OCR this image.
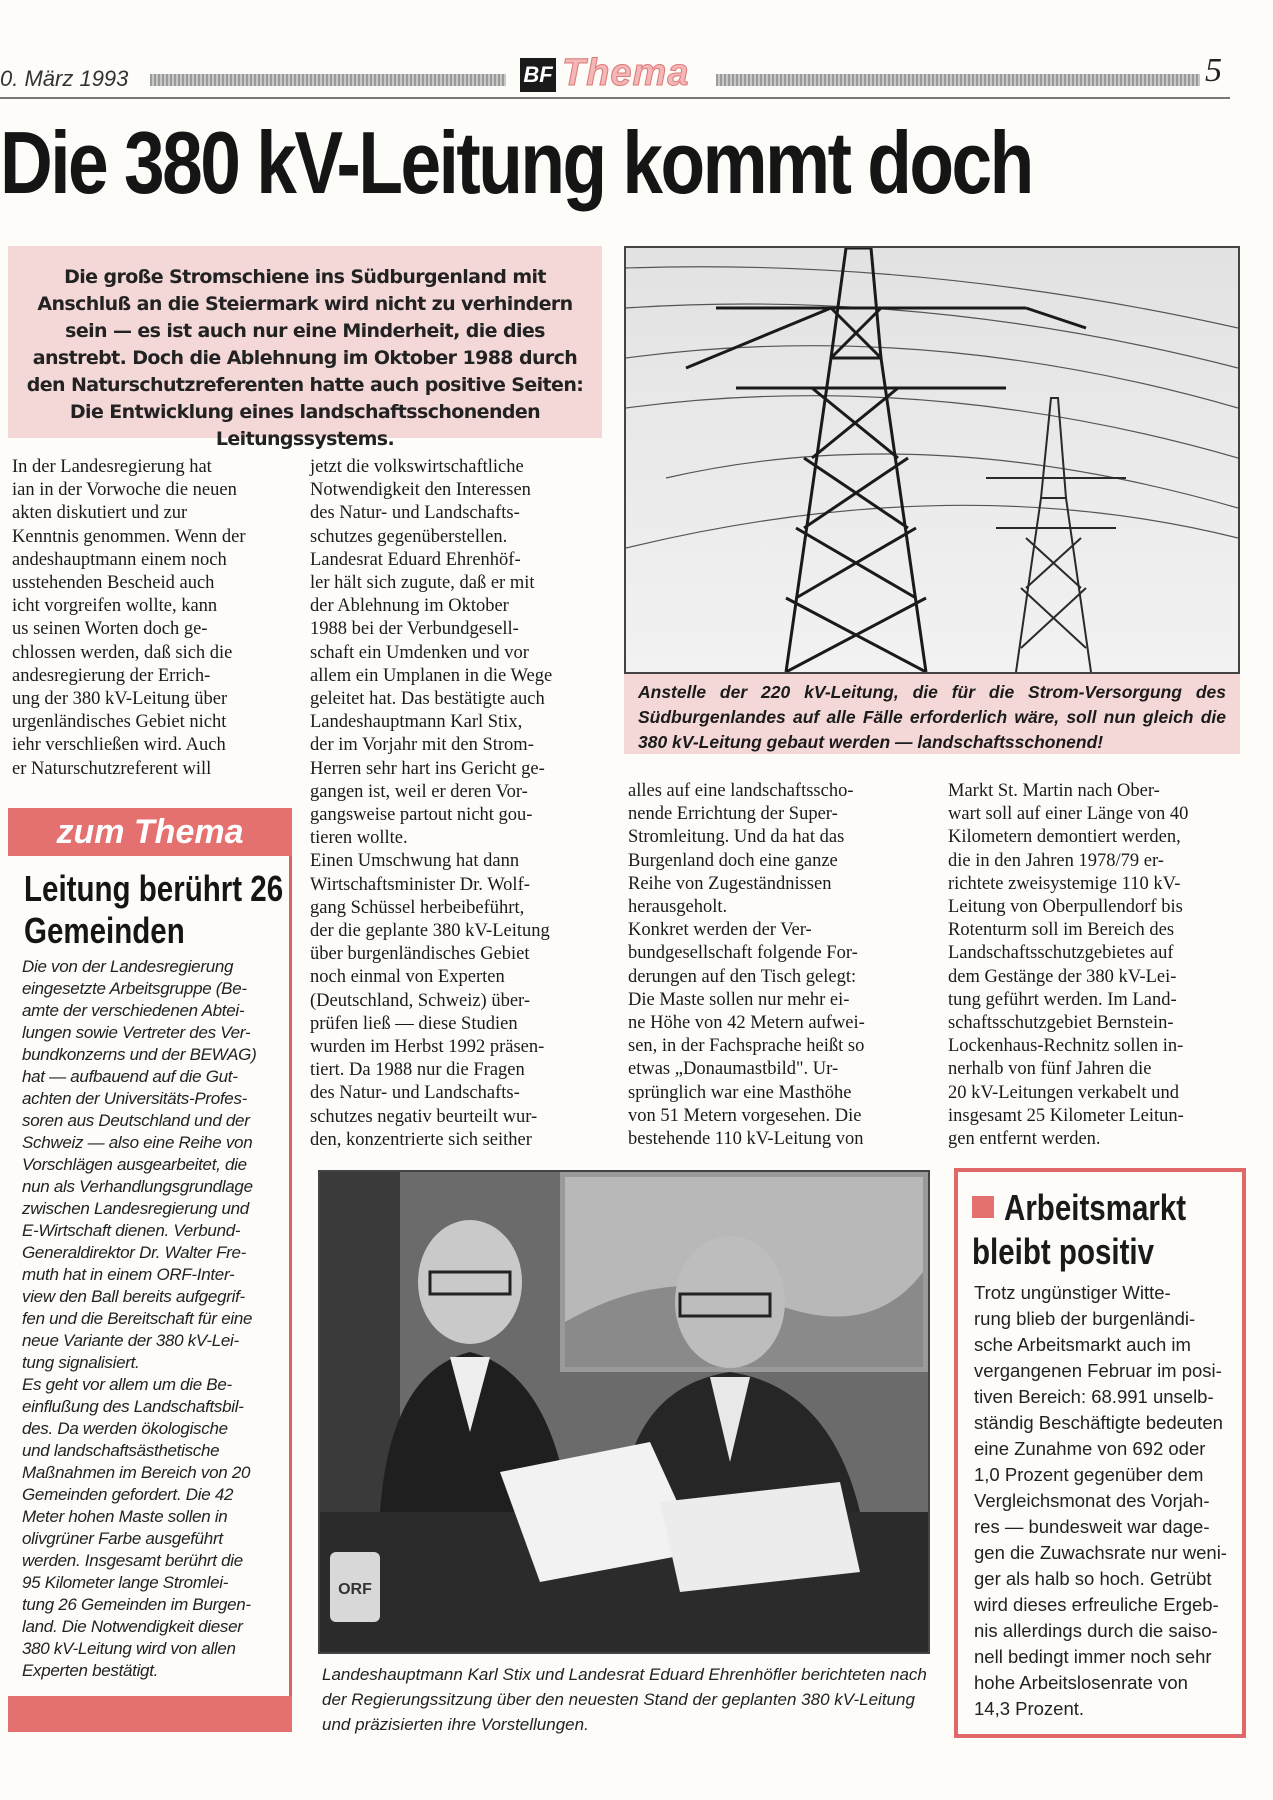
0. März 1993	BF Thema	5
Die 380 kV-Leitung kommt doch
Die große Stromschiene ins Südburgenland mit Anschluß an die Steiermark wird nicht zu verhindern sein — es ist auch nur eine Minderheit, die dies anstrebt. Doch die Ablehnung im Oktober 1988 durch den Naturschutzreferenten hatte auch positive Seiten: Die Entwicklung eines landschaftsschonenden Leitungssystems.
Anstelle der 220 kV-Leitung, die für die Strom-Versorgung des Südburgenlandes auf alle Fälle erforderlich wäre, soll nun gleich die 380 kV-Leitung gebaut werden — landschaftsschonend!
In der Landesregierung hat
ian in der Vorwoche die neuen
akten diskutiert und zur
Kenntnis genommen. Wenn der
andeshauptmann einem noch
usstehenden Bescheid auch
icht vorgreifen wollte, kann
us seinen Worten doch ge-
chlossen werden, daß sich die
andesregierung der Errich-
ung der 380 kV-Leitung über
urgenländisches Gebiet nicht
iehr verschließen wird. Auch
er Naturschutzreferent will
jetzt die volkswirtschaftliche
Notwendigkeit den Interessen
des Natur- und Landschafts-
schutzes gegenüberstellen.
Landesrat Eduard Ehrenhöf-
ler hält sich zugute, daß er mit
der Ablehnung im Oktober
1988 bei der Verbundgesell-
schaft ein Umdenken und vor
allem ein Umplanen in die Wege
geleitet hat. Das bestätigte auch
Landeshauptmann Karl Stix,
der im Vorjahr mit den Strom-
Herren sehr hart ins Gericht ge-
gangen ist, weil er deren Vor-
gangsweise partout nicht gou-
tieren wollte.
Einen Umschwung hat dann
Wirtschaftsminister Dr. Wolf-
gang Schüssel herbeibeführt,
der die geplante 380 kV-Leitung
über burgenländisches Gebiet
noch einmal von Experten
(Deutschland, Schweiz) über-
prüfen ließ — diese Studien
wurden im Herbst 1992 präsen-
tiert. Da 1988 nur die Fragen
des Natur- und Landschafts-
schutzes negativ beurteilt wur-
den, konzentrierte sich seither
alles auf eine landschaftsscho-
nende Errichtung der Super-
Stromleitung. Und da hat das
Burgenland doch eine ganze
Reihe von Zugeständnissen
herausgeholt.
Konkret werden der Ver-
bundgesellschaft folgende For-
derungen auf den Tisch gelegt:
Die Maste sollen nur mehr ei-
ne Höhe von 42 Metern aufwei-
sen, in der Fachsprache heißt so
etwas „Donaumastbild". Ur-
sprünglich war eine Masthöhe
von 51 Metern vorgesehen. Die
bestehende 110 kV-Leitung von
Markt St. Martin nach Ober-
wart soll auf einer Länge von 40
Kilometern demontiert werden,
die in den Jahren 1978/79 er-
richtete zweisystemige 110 kV-
Leitung von Oberpullendorf bis
Rotenturm soll im Bereich des
Landschaftsschutzgebietes auf
dem Gestänge der 380 kV-Lei-
tung geführt werden. Im Land-
schaftsschutzgebiet Bernstein-
Lockenhaus-Rechnitz sollen in-
nerhalb von fünf Jahren die
20 kV-Leitungen verkabelt und
insgesamt 25 Kilometer Leitun-
gen entfernt werden.
zum Thema
Leitung berührt 26 Gemeinden
Die von der Landesregierung
eingesetzte Arbeitsgruppe (Be-
amte der verschiedenen Abtei-
lungen sowie Vertreter des Ver-
bundkonzerns und der BEWAG)
hat — aufbauend auf die Gut-
achten der Universitäts-Profes-
soren aus Deutschland und der
Schweiz — also eine Reihe von
Vorschlägen ausgearbeitet, die
nun als Verhandlungsgrundlage
zwischen Landesregierung und
E-Wirtschaft dienen. Verbund-
Generaldirektor Dr. Walter Fre-
muth hat in einem ORF-Inter-
view den Ball bereits aufgegrif-
fen und die Bereitschaft für eine
neue Variante der 380 kV-Lei-
tung signalisiert.
Es geht vor allem um die Be-
einflußung des Landschaftsbil-
des. Da werden ökologische
und landschaftsästhetische
Maßnahmen im Bereich von 20
Gemeinden gefordert. Die 42
Meter hohen Maste sollen in
olivgrüner Farbe ausgeführt
werden. Insgesamt berührt die
95 Kilometer lange Stromlei-
tung 26 Gemeinden im Burgen-
land. Die Notwendigkeit dieser
380 kV-Leitung wird von allen
Experten bestätigt.
ORF
Landeshauptmann Karl Stix und Landesrat Eduard Ehrenhöfler berichteten nach der Regierungssitzung über den neuesten Stand der geplanten 380 kV-Leitung und präzisierten ihre Vorstellungen.
Arbeitsmarkt
bleibt positiv
Trotz ungünstiger Witte-
rung blieb der burgenländi-
sche Arbeitsmarkt auch im
vergangenen Februar im posi-
tiven Bereich: 68.991 unselb-
ständig Beschäftigte bedeuten
eine Zunahme von 692 oder
1,0 Prozent gegenüber dem
Vergleichsmonat des Vorjah-
res — bundesweit war dage-
gen die Zuwachsrate nur weni-
ger als halb so hoch. Getrübt
wird dieses erfreuliche Ergeb-
nis allerdings durch die saiso-
nell bedingt immer noch sehr
hohe Arbeitslosenrate von
14,3 Prozent.
